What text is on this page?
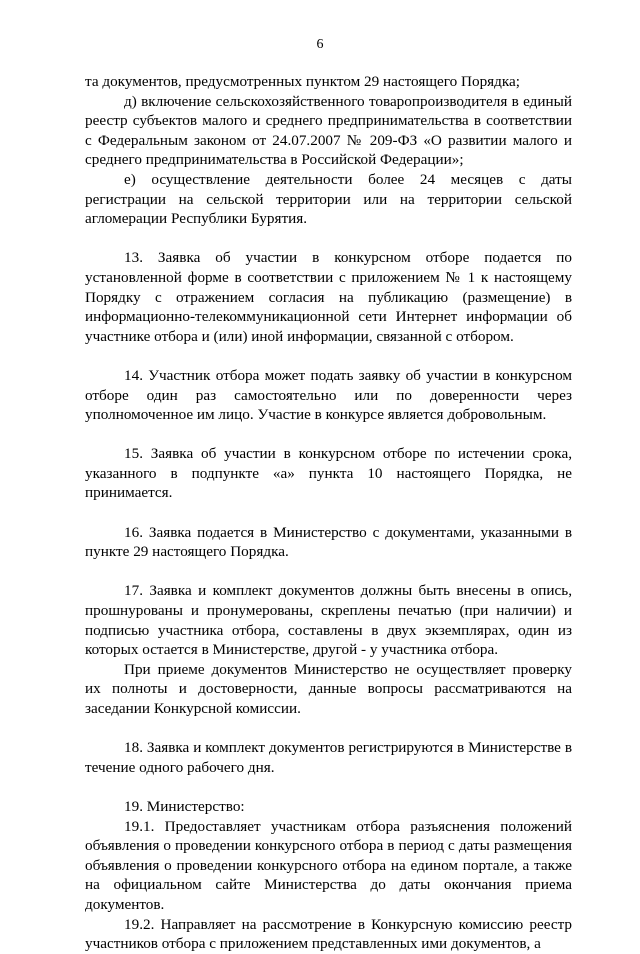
6

та документов, предусмотренных пунктом 29 настоящего Порядка;

д) включение сельскохозяйственного товаропроизводителя в единый реестр субъектов малого и среднего предпринимательства в соответствии с Федеральным законом от 24.07.2007 № 209-ФЗ «О развитии малого и среднего предпринимательства в Российской Федерации»;

е) осуществление деятельности более 24 месяцев с даты регистрации на сельской территории или на территории сельской агломерации Республики Бурятия.

13. Заявка об участии в конкурсном отборе подается по установленной форме в соответствии с приложением № 1 к настоящему Порядку с отражением согласия на публикацию (размещение) в информационно-телекоммуникационной сети Интернет информации об участнике отбора и (или) иной информации, связанной с отбором.

14. Участник отбора может подать заявку об участии в конкурсном отборе один раз самостоятельно или по доверенности через уполномоченное им лицо. Участие в конкурсе является добровольным.

15. Заявка об участии в конкурсном отборе по истечении срока, указанного в подпункте «а» пункта 10 настоящего Порядка, не принимается.

16. Заявка подается в Министерство с документами, указанными в пункте 29 настоящего Порядка.

17. Заявка и комплект документов должны быть внесены в опись, прошнурованы и пронумерованы, скреплены печатью (при наличии) и подписью участника отбора, составлены в двух экземплярах, один из которых остается в Министерстве, другой - у участника отбора.

При приеме документов Министерство не осуществляет проверку их полноты и достоверности, данные вопросы рассматриваются на заседании Конкурсной комиссии.

18. Заявка и комплект документов регистрируются в Министерстве в течение одного рабочего дня.

19. Министерство:

19.1. Предоставляет участникам отбора разъяснения положений объявления о проведении конкурсного отбора в период с даты размещения объявления о проведении конкурсного отбора на едином портале, а также на официальном сайте Министерства до даты окончания приема документов.

19.2. Направляет на рассмотрение в Конкурсную комиссию реестр участников отбора с приложением представленных ими документов, а
